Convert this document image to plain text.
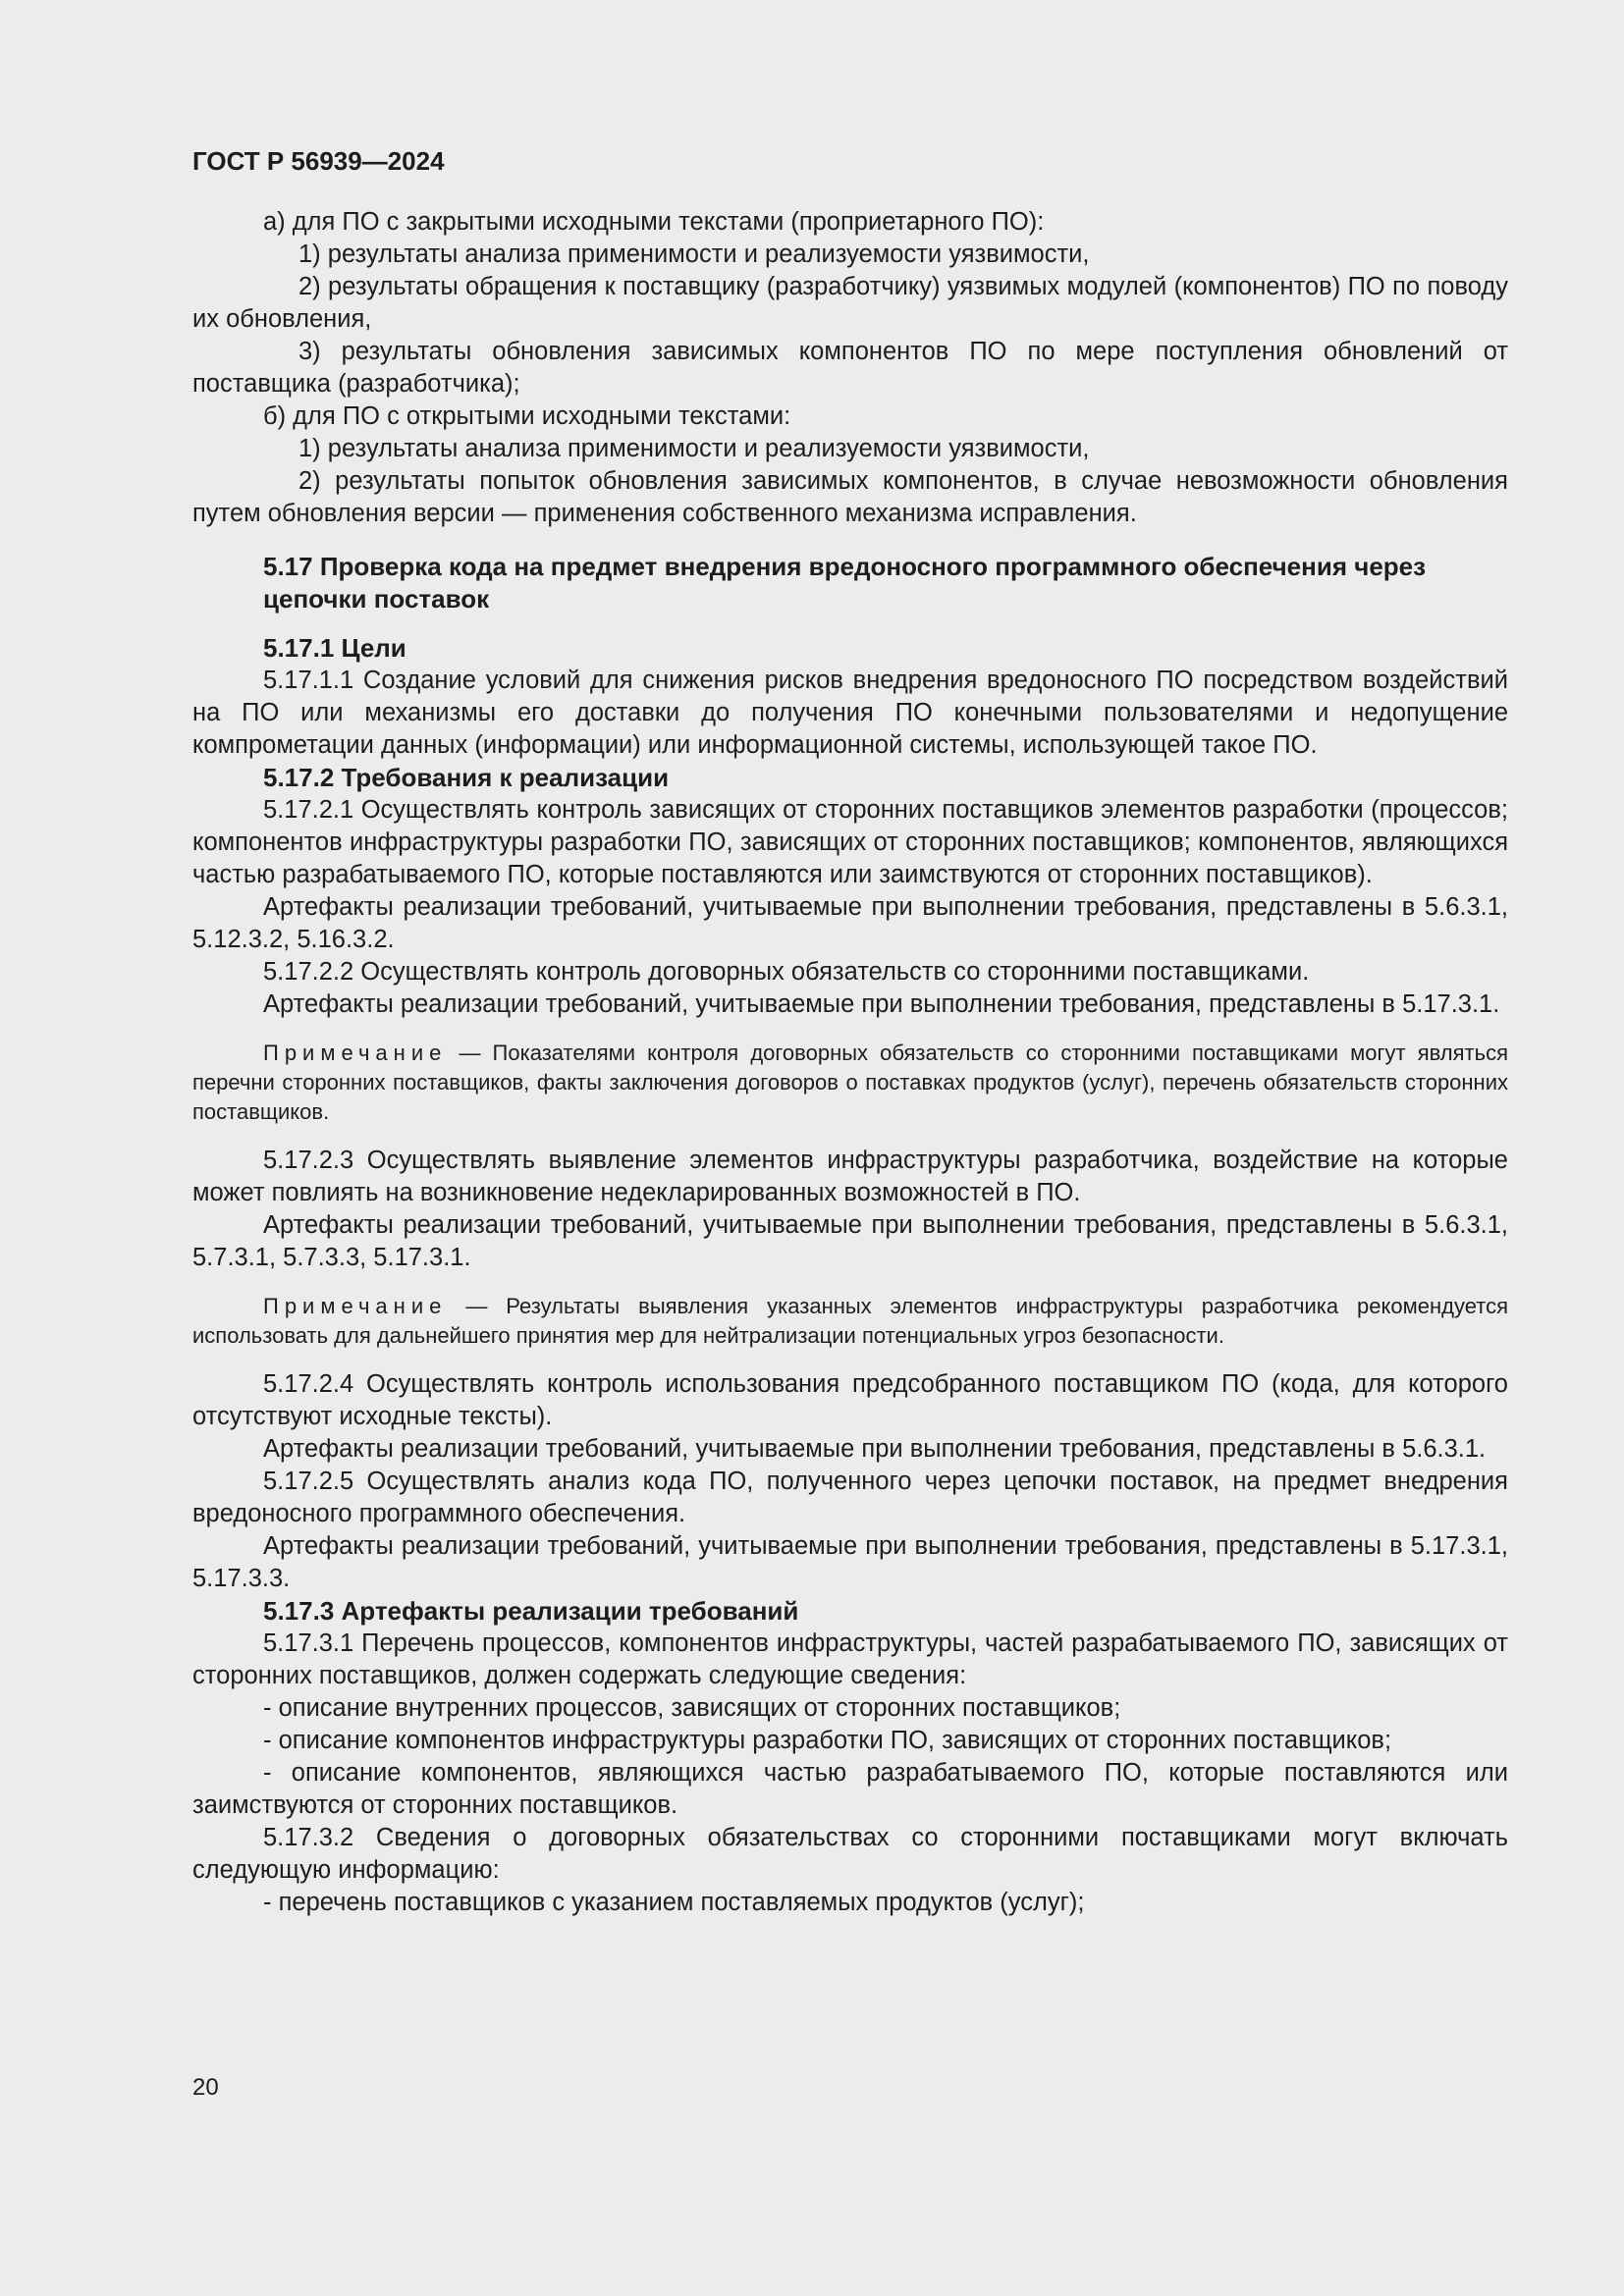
ГОСТ Р 56939—2024

а) для ПО с закрытыми исходными текстами (проприетарного ПО):

1) результаты анализа применимости и реализуемости уязвимости,

2) результаты обращения к поставщику (разработчику) уязвимых модулей (компонентов) ПО по поводу их обновления,

3) результаты обновления зависимых компонентов ПО по мере поступления обновлений от поставщика (разработчика);

б) для ПО с открытыми исходными текстами:

1) результаты анализа применимости и реализуемости уязвимости,

2) результаты попыток обновления зависимых компонентов, в случае невозможности обновления путем обновления версии — применения собственного механизма исправления.

5.17 Проверка кода на предмет внедрения вредоносного программного обеспечения через цепочки поставок

5.17.1 Цели

5.17.1.1 Создание условий для снижения рисков внедрения вредоносного ПО посредством воздействий на ПО или механизмы его доставки до получения ПО конечными пользователями и недопущение компрометации данных (информации) или информационной системы, использующей такое ПО.

5.17.2 Требования к реализации

5.17.2.1 Осуществлять контроль зависящих от сторонних поставщиков элементов разработки (процессов; компонентов инфраструктуры разработки ПО, зависящих от сторонних поставщиков; компонентов, являющихся частью разрабатываемого ПО, которые поставляются или заимствуются от сторонних поставщиков).

Артефакты реализации требований, учитываемые при выполнении требования, представлены в 5.6.3.1, 5.12.3.2, 5.16.3.2.

5.17.2.2 Осуществлять контроль договорных обязательств со сторонними поставщиками.

Артефакты реализации требований, учитываемые при выполнении требования, представлены в 5.17.3.1.

Примечание — Показателями контроля договорных обязательств со сторонними поставщиками могут являться перечни сторонних поставщиков, факты заключения договоров о поставках продуктов (услуг), перечень обязательств сторонних поставщиков.

5.17.2.3 Осуществлять выявление элементов инфраструктуры разработчика, воздействие на которые может повлиять на возникновение недекларированных возможностей в ПО.

Артефакты реализации требований, учитываемые при выполнении требования, представлены в 5.6.3.1, 5.7.3.1, 5.7.3.3, 5.17.3.1.

Примечание — Результаты выявления указанных элементов инфраструктуры разработчика рекомендуется использовать для дальнейшего принятия мер для нейтрализации потенциальных угроз безопасности.

5.17.2.4 Осуществлять контроль использования предсобранного поставщиком ПО (кода, для которого отсутствуют исходные тексты).

Артефакты реализации требований, учитываемые при выполнении требования, представлены в 5.6.3.1.

5.17.2.5 Осуществлять анализ кода ПО, полученного через цепочки поставок, на предмет внедрения вредоносного программного обеспечения.

Артефакты реализации требований, учитываемые при выполнении требования, представлены в 5.17.3.1, 5.17.3.3.

5.17.3 Артефакты реализации требований

5.17.3.1 Перечень процессов, компонентов инфраструктуры, частей разрабатываемого ПО, зависящих от сторонних поставщиков, должен содержать следующие сведения:

- описание внутренних процессов, зависящих от сторонних поставщиков;

- описание компонентов инфраструктуры разработки ПО, зависящих от сторонних поставщиков;

- описание компонентов, являющихся частью разрабатываемого ПО, которые поставляются или заимствуются от сторонних поставщиков.

5.17.3.2 Сведения о договорных обязательствах со сторонними поставщиками могут включать следующую информацию:

- перечень поставщиков с указанием поставляемых продуктов (услуг);

20
